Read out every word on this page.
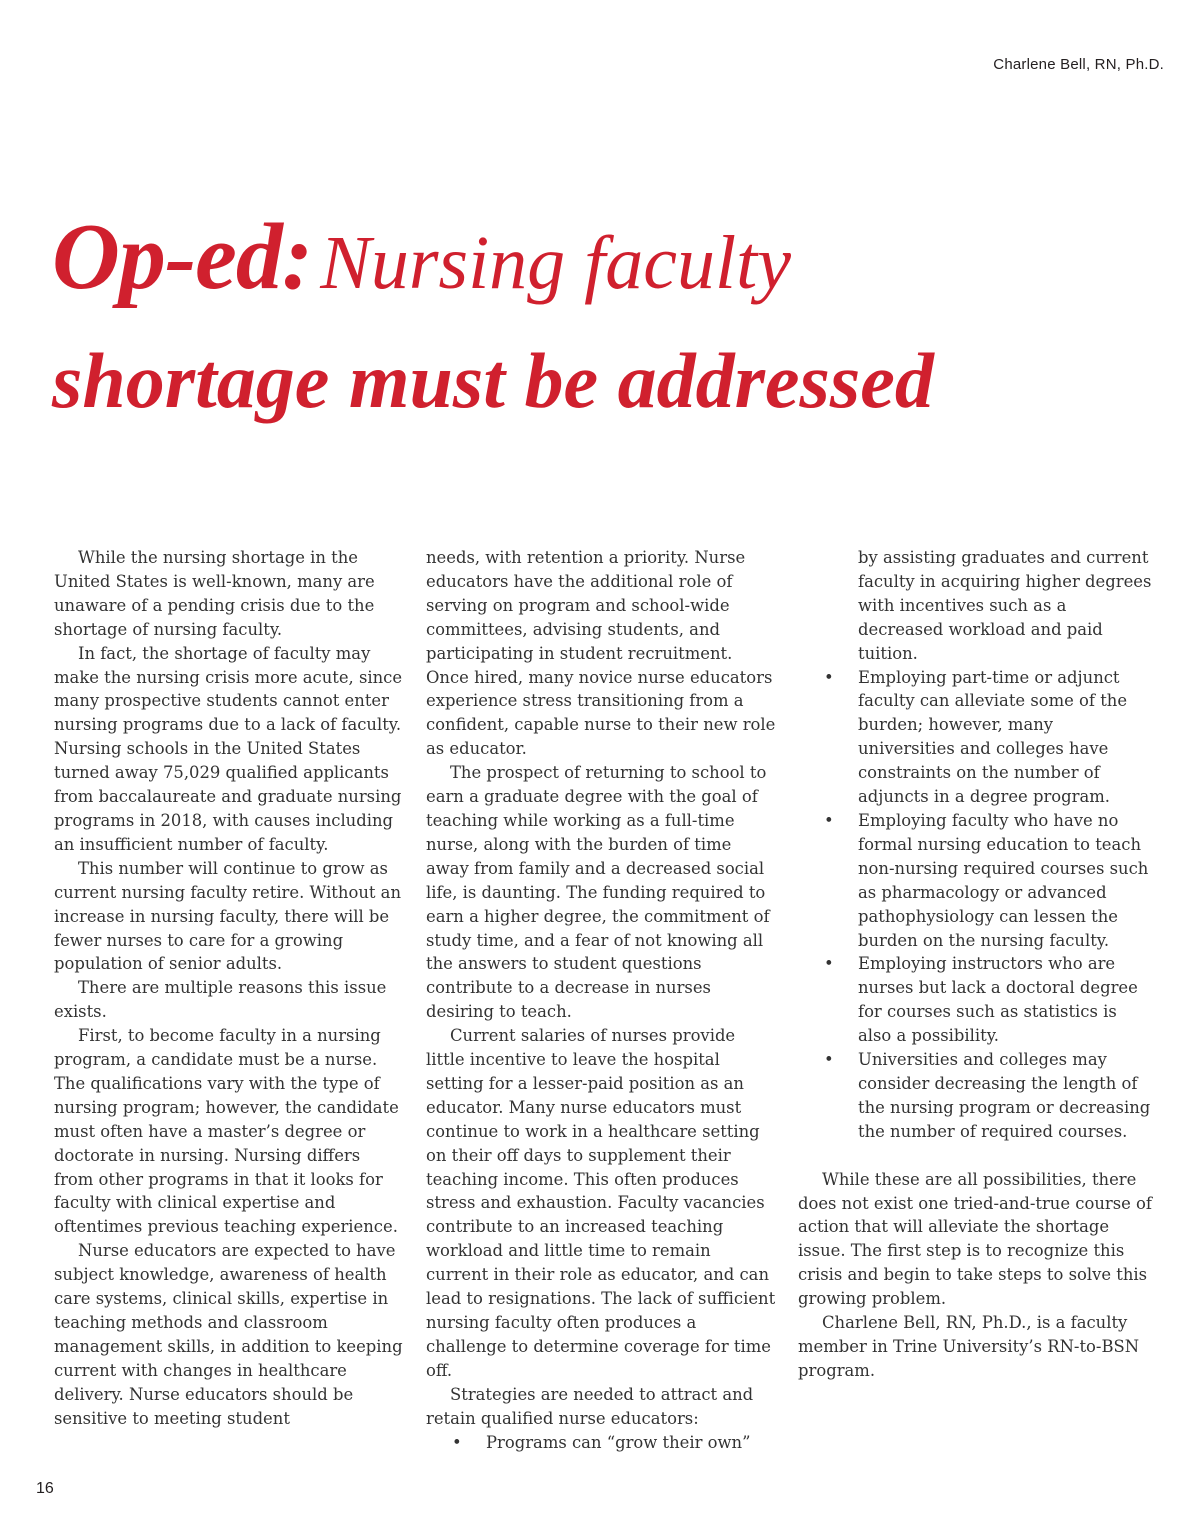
Charlene Bell, RN, Ph.D.
Op-ed: Nursing faculty
shortage must be addressed

While the nursing shortage in the United States is well-known, many are unaware of a pending crisis due to the shortage of nursing faculty.

In fact, the shortage of faculty may make the nursing crisis more acute, since many prospective students cannot enter nursing programs due to a lack of faculty. Nursing schools in the United States turned away 75,029 qualified applicants from baccalaureate and graduate nursing programs in 2018, with causes including an insufficient number of faculty.

This number will continue to grow as current nursing faculty retire. Without an increase in nursing faculty, there will be fewer nurses to care for a growing population of senior adults.

There are multiple reasons this issue exists.

First, to become faculty in a nursing program, a candidate must be a nurse. The qualifications vary with the type of nursing program; however, the candidate must often have a master’s degree or doctorate in nursing. Nursing differs from other programs in that it looks for faculty with clinical expertise and oftentimes previous teaching experience.

Nurse educators are expected to have subject knowledge, awareness of health care systems, clinical skills, expertise in teaching methods and classroom management skills, in addition to keeping current with changes in healthcare delivery. Nurse educators should be sensitive to meeting student

needs, with retention a priority. Nurse educators have the additional role of serving on program and school-wide committees, advising students, and participating in student recruitment. Once hired, many novice nurse educators experience stress transitioning from a confident, capable nurse to their new role as educator.

The prospect of returning to school to earn a graduate degree with the goal of teaching while working as a full-time nurse, along with the burden of time away from family and a decreased social life, is daunting. The funding required to earn a higher degree, the commitment of study time, and a fear of not knowing all the answers to student questions contribute to a decrease in nurses desiring to teach.

Current salaries of nurses provide little incentive to leave the hospital setting for a lesser-paid position as an educator. Many nurse educators must continue to work in a healthcare setting on their off days to supplement their teaching income. This often produces stress and exhaustion. Faculty vacancies contribute to an increased teaching workload and little time to remain current in their role as educator, and can lead to resignations. The lack of sufficient nursing faculty often produces a challenge to determine coverage for time off.

Strategies are needed to attract and retain qualified nurse educators:

• Programs can “grow their own”

by assisting graduates and current faculty in acquiring higher degrees with incentives such as a decreased workload and paid tuition.

• Employing part-time or adjunct faculty can alleviate some of the burden; however, many universities and colleges have constraints on the number of adjuncts in a degree program.
• Employing faculty who have no formal nursing education to teach non-nursing required courses such as pharmacology or advanced pathophysiology can lessen the burden on the nursing faculty.
• Employing instructors who are nurses but lack a doctoral degree for courses such as statistics is also a possibility.
• Universities and colleges may consider decreasing the length of the nursing program or decreasing the number of required courses.

While these are all possibilities, there does not exist one tried-and-true course of action that will alleviate the shortage issue. The first step is to recognize this crisis and begin to take steps to solve this growing problem.

Charlene Bell, RN, Ph.D., is a faculty member in Trine University’s RN-to-BSN program.

16
